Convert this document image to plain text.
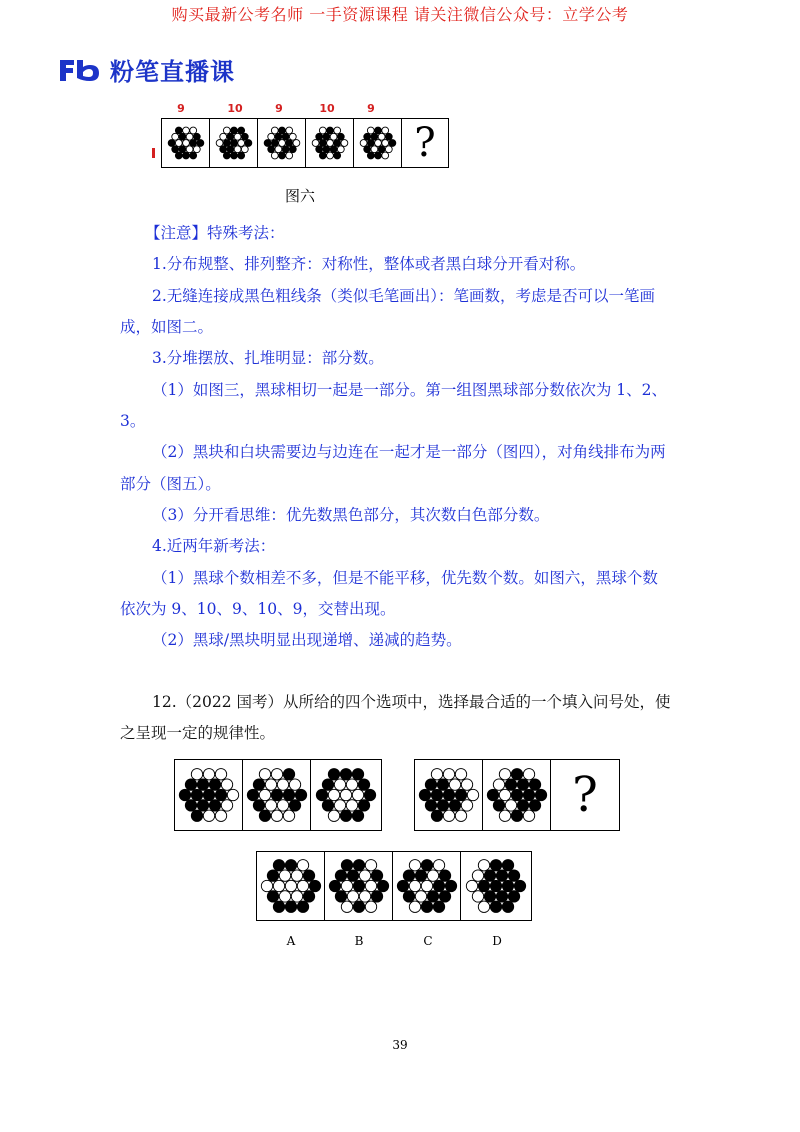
购买最新公考名师 一手资源课程 请关注微信公众号：立学公考
粉笔直播课
9	10	9	10	9
?
图六
【注意】特殊考法：
1.分布规整、排列整齐：对称性，整体或者黑白球分开看对称。
2.无缝连接成黑色粗线条（类似毛笔画出）：笔画数，考虑是否可以一笔画
成，如图二。
3.分堆摆放、扎堆明显：部分数。
（1）如图三，黑球相切一起是一部分。第一组图黑球部分数依次为 1、2、
3。
（2）黑块和白块需要边与边连在一起才是一部分（图四），对角线排布为两
部分（图五）。
（3）分开看思维：优先数黑色部分，其次数白色部分数。
4.近两年新考法：
（1）黑球个数相差不多，但是不能平移，优先数个数。如图六，黑球个数
依次为 9、10、9、10、9，交替出现。
（2）黑球/黑块明显出现递增、递减的趋势。
12.（2022 国考）从所给的四个选项中，选择最合适的一个填入问号处，使
之呈现一定的规律性。
?
A	B	C	D
39
